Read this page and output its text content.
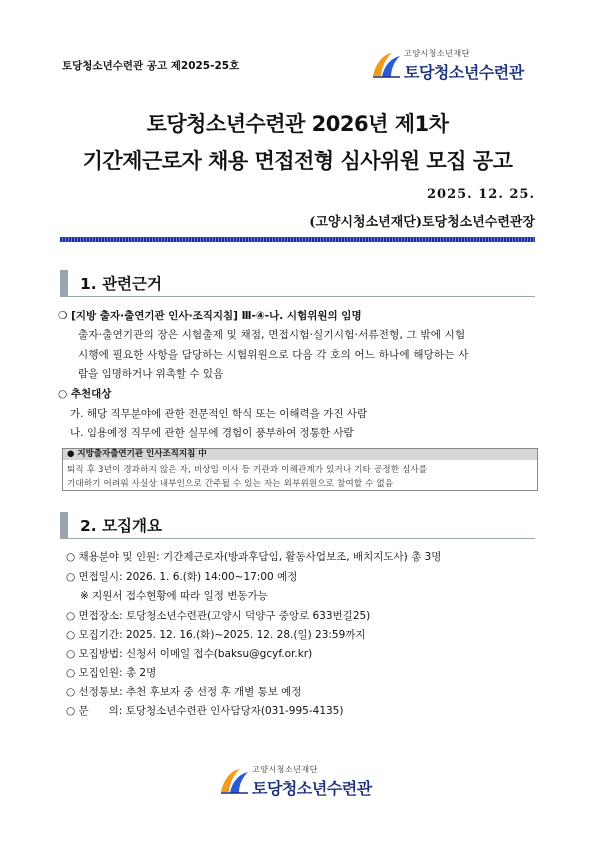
토당청소년수련관 공고 제2025-25호
고양시청소년재단
토당청소년수련관
토당청소년수련관 2026년 제1차
기간제근로자 채용 면접전형 심사위원 모집 공고
2025. 12. 25.
(고양시청소년재단)토당청소년수련관장
1. 관련근거
❍ [지방 출자·출연기관 인사·조직지침] Ⅲ-④-나. 시험위원의 임명
출자·출연기관의 장은 시험출제 및 채점, 면접시험·실기시험·서류전형, 그 밖에 시험
시행에 필요한 사항을 담당하는 시험위원으로 다음 각 호의 어느 하나에 해당하는 사
람을 임명하거나 위촉할 수 있음
○ 추천대상
가. 해당 직무분야에 관한 전문적인 학식 또는 이해력을 가진 사람
나. 임용예정 직무에 관한 실무에 경험이 풍부하여 정통한 사람
● 지방출자출연기관 인사조직지침 中
퇴직 후 3년이 경과하지 않은 자, 비상임 이사 등 기관과 이해관계가 있거나 기타 공정한 심사를
기대하기 어려워 사실상 내부인으로 간주될 수 있는 자는 외부위원으로 참여할 수 없음
2. 모집개요
○ 채용분야 및 인원: 기간제근로자(방과후담임, 활동사업보조, 배치지도사) 총 3명
○ 면접일시: 2026. 1. 6.(화) 14:00~17:00 예정
※ 지원서 접수현황에 따라 일정 변동가능
○ 면접장소: 토당청소년수련관(고양시 덕양구 중앙로 633번길25)
○ 모집기간: 2025. 12. 16.(화)~2025. 12. 28.(일) 23:59까지
○ 모집방법: 신청서 이메일 접수(baksu@gcyf.or.kr)
○ 모집인원: 총 2명
○ 선정통보: 추천 후보자 중 선정 후 개별 통보 예정
○ 문      의: 토당청소년수련관 인사담당자(031-995-4135)
고양시청소년재단
토당청소년수련관
